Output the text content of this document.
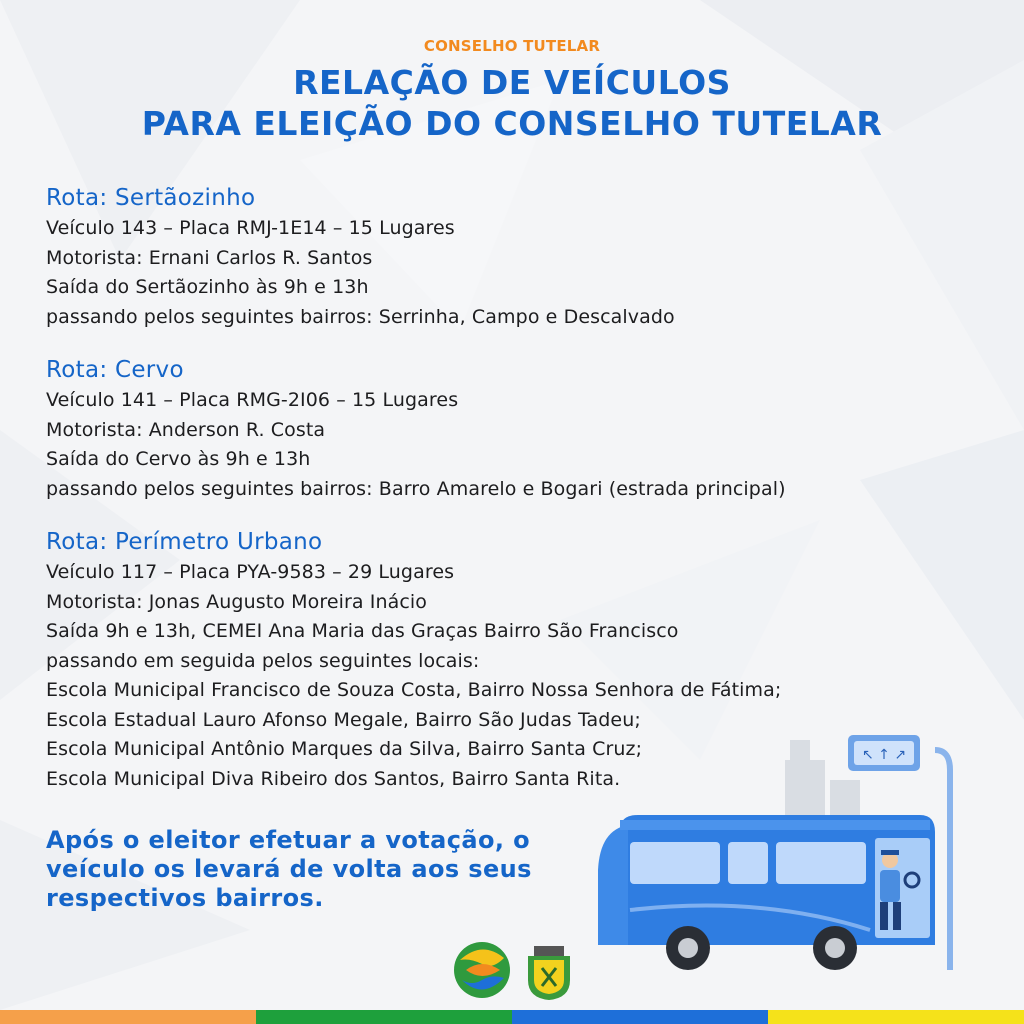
CONSELHO TUTELAR
RELAÇÃO DE VEÍCULOS
PARA ELEIÇÃO DO CONSELHO TUTELAR
Rota: Sertãozinho
Veículo 143 – Placa RMJ-1E14 – 15 Lugares
Motorista: Ernani Carlos R. Santos
Saída do Sertãozinho às 9h e 13h
passando pelos seguintes bairros: Serrinha, Campo e Descalvado
Rota: Cervo
Veículo 141 – Placa RMG-2I06 – 15 Lugares
Motorista: Anderson R. Costa
Saída do Cervo às 9h e 13h
passando pelos seguintes bairros: Barro Amarelo e Bogari (estrada principal)
Rota: Perímetro Urbano
Veículo 117 – Placa PYA-9583 – 29 Lugares
Motorista: Jonas Augusto Moreira Inácio
Saída 9h e 13h, CEMEI Ana Maria das Graças Bairro São Francisco
passando em seguida pelos seguintes locais:
Escola Municipal Francisco de Souza Costa, Bairro Nossa Senhora de Fátima;
Escola Estadual Lauro Afonso Megale, Bairro São Judas Tadeu;
Escola Municipal Antônio Marques da Silva, Bairro Santa Cruz;
Escola Municipal Diva Ribeiro dos Santos, Bairro Santa Rita.
Após o eleitor efetuar a votação, o
veículo os levará de volta aos seus
respectivos bairros.
↖ ↑ ↗
